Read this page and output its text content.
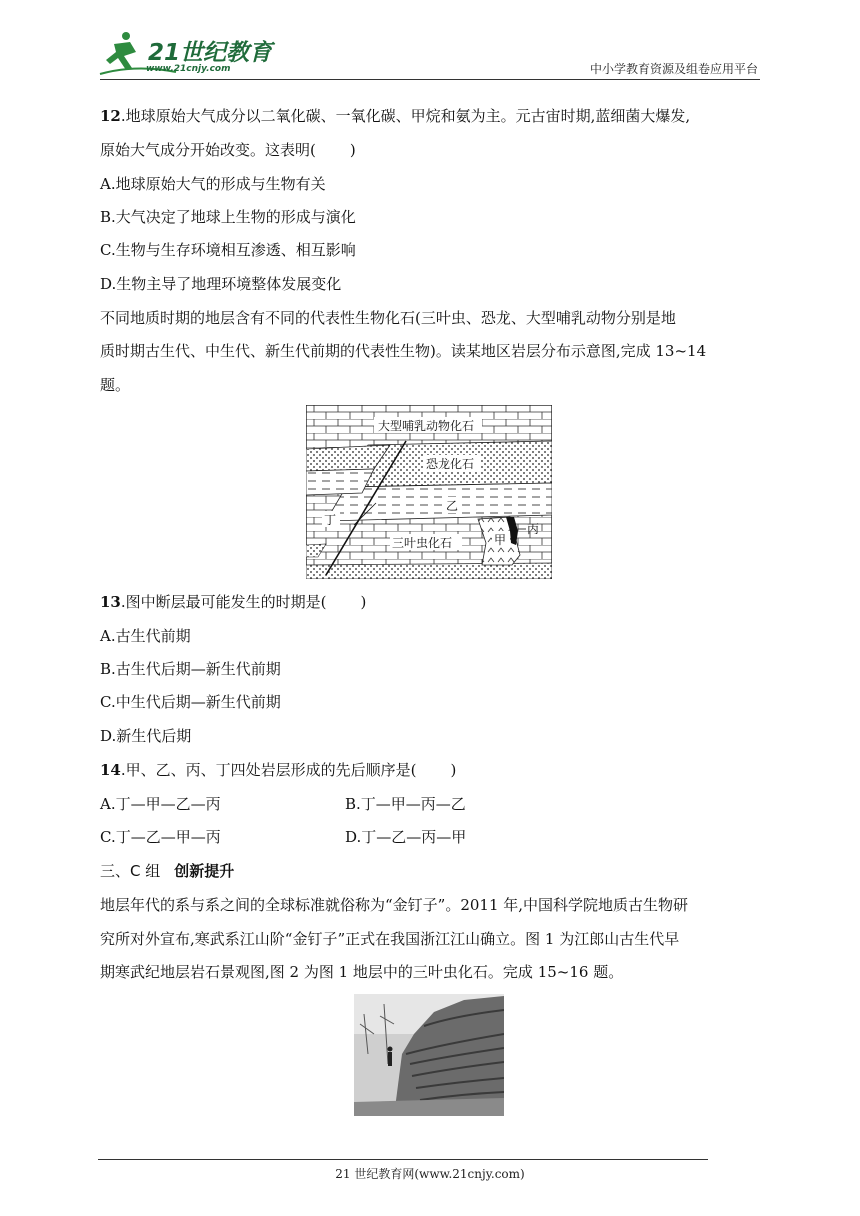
21世纪教育
www.21cnjy.com	中小学教育资源及组卷应用平台
12.地球原始大气成分以二氧化碳、一氧化碳、甲烷和氨为主。元古宙时期,蓝细菌大爆发,
原始大气成分开始改变。这表明( )
A.地球原始大气的形成与生物有关
B.大气决定了地球上生物的形成与演化
C.生物与生存环境相互渗透、相互影响
D.生物主导了地理环境整体发展变化
不同地质时期的地层含有不同的代表性生物化石(三叶虫、恐龙、大型哺乳动物分别是地
质时期古生代、中生代、新生代前期的代表性生物)。读某地区岩层分布示意图,完成 13~14
题。
大型哺乳动物化石
恐龙化石
乙
丁
三叶虫化石	甲
丙
13.图中断层最可能发生的时期是( )
A.古生代前期
B.古生代后期—新生代前期
C.中生代后期—新生代前期
D.新生代后期
14.甲、乙、丙、丁四处岩层形成的先后顺序是( )
A.丁—甲—乙—丙	B.丁—甲—丙—乙
C.丁—乙—甲—丙	D.丁—乙—丙—甲
三、C 组 创新提升
地层年代的系与系之间的全球标准就俗称为“金钉子”。2011 年,中国科学院地质古生物研
究所对外宣布,寒武系江山阶“金钉子”正式在我国浙江江山确立。图 1 为江郎山古生代早
期寒武纪地层岩石景观图,图 2 为图 1 地层中的三叶虫化石。完成 15~16 题。
21 世纪教育网(www.21cnjy.com)
